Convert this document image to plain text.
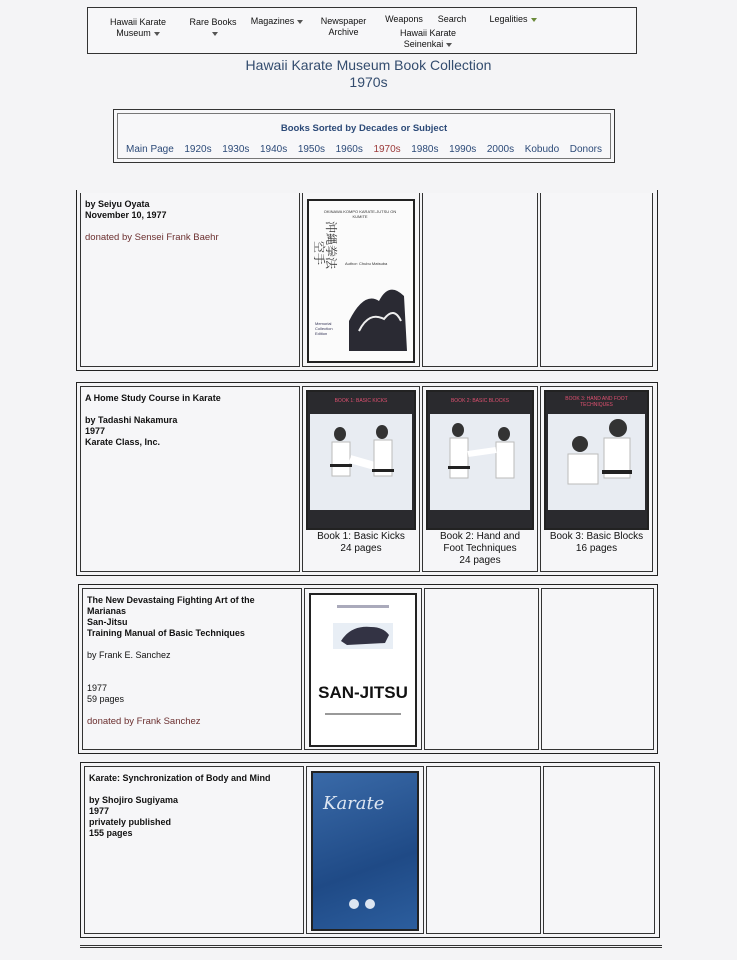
Hawaii Karate Museum
Rare Books	Magazines	Newspaper Archive
Weapons	Search	Legalities
Hawaii Karate Seinenkai
Hawaii Karate Museum Book Collection
1970s
Books Sorted by Decades or Subject
Main Page 1920s 1930s 1940s 1950s 1960s 1970s 1980s 1990s 2000s Kobudo Donors
by Seiyu Oyata
November 10, 1977

donated by Sensei Frank Baehr
空手
沖縄拳法
OKINAWA KOMPO KARATE-JUTSU ON KUMITE
Author: Chubu Matsuba
Memorial Collection Edition
A Home Study Course in Karate

by Tadashi Nakamura
1977
Karate Class, Inc.
BOOK 1: BASIC KICKS
Book 1: Basic Kicks
24 pages
BOOK 2: BASIC BLOCKS
Book 2: Hand and
Foot Techniques
24 pages
BOOK 3: HAND AND FOOT TECHNIQUES
Book 3: Basic Blocks
16 pages
The New Devastaing Fighting Art of the
Marianas
San-Jitsu
Training Manual of Basic Techniques

by Frank E. Sanchez

1977
59 pages

donated by Frank Sanchez
SAN-JITSU
Karate: Synchronization of Body and Mind

by Shojiro Sugiyama
1977
privately published
155 pages
Karate
